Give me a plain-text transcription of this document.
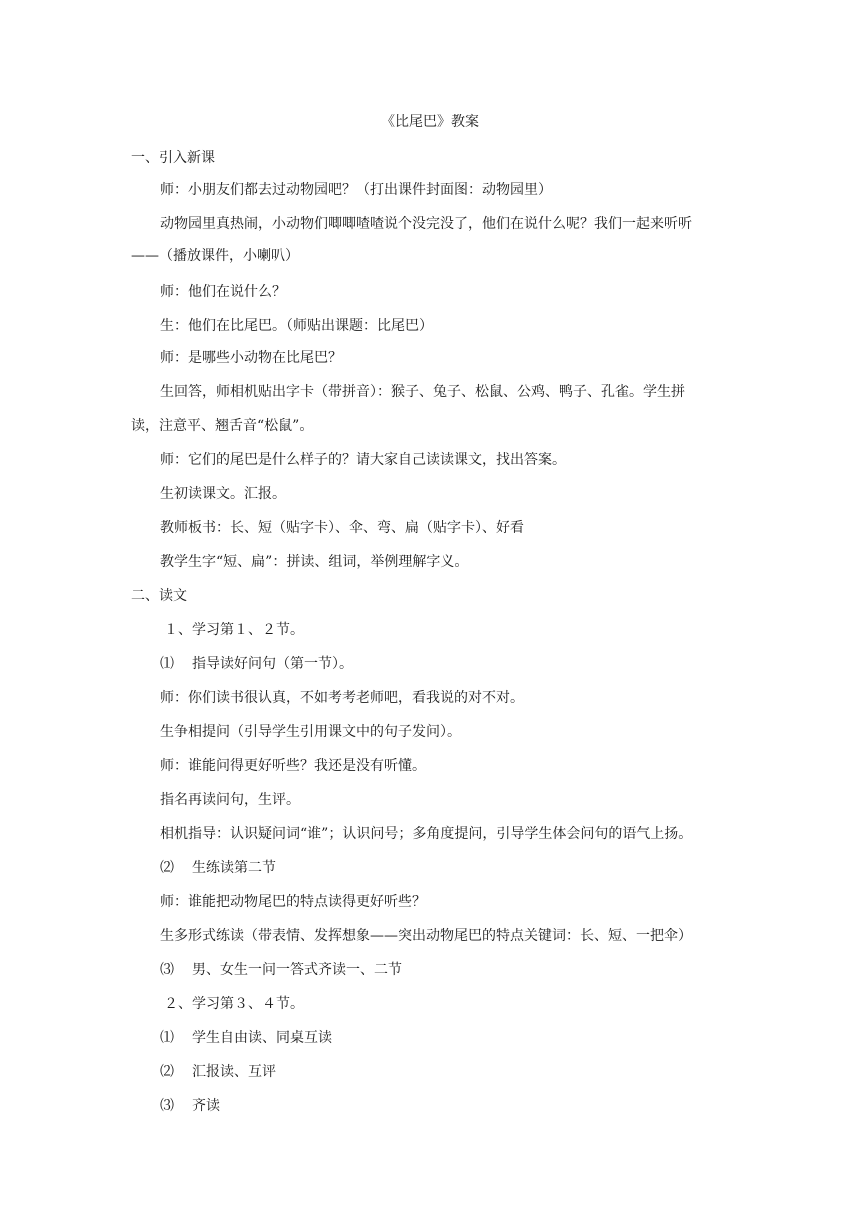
《比尾巴》教案
一、引入新课
师：小朋友们都去过动物园吧？（打出课件封面图：动物园里）
动物园里真热闹，小动物们唧唧喳喳说个没完没了，他们在说什么呢？我们一起来听听
——（播放课件，小喇叭）
师：他们在说什么？
生：他们在比尾巴。（师贴出课题：比尾巴）
师：是哪些小动物在比尾巴？
生回答，师相机贴出字卡（带拼音）：猴子、兔子、松鼠、公鸡、鸭子、孔雀。学生拼
读，注意平、翘舌音“松鼠”。
师：它们的尾巴是什么样子的？请大家自己读读课文，找出答案。
生初读课文。汇报。
教师板书：长、短（贴字卡）、伞、弯、扁（贴字卡）、好看
教学生字“短、扁”：拼读、组词，举例理解字义。
二、读文
１、学习第１、２节。
⑴ 指导读好问句（第一节）。
师：你们读书很认真，不如考考老师吧，看我说的对不对。
生争相提问（引导学生引用课文中的句子发问）。
师：谁能问得更好听些？我还是没有听懂。
指名再读问句，生评。
相机指导：认识疑问词“谁”；认识问号；多角度提问，引导学生体会问句的语气上扬。
⑵ 生练读第二节
师：谁能把动物尾巴的特点读得更好听些？
生多形式练读（带表情、发挥想象——突出动物尾巴的特点关键词：长、短、一把伞）
⑶ 男、女生一问一答式齐读一、二节
２、学习第３、４节。
⑴ 学生自由读、同桌互读
⑵ 汇报读、互评
⑶ 齐读
